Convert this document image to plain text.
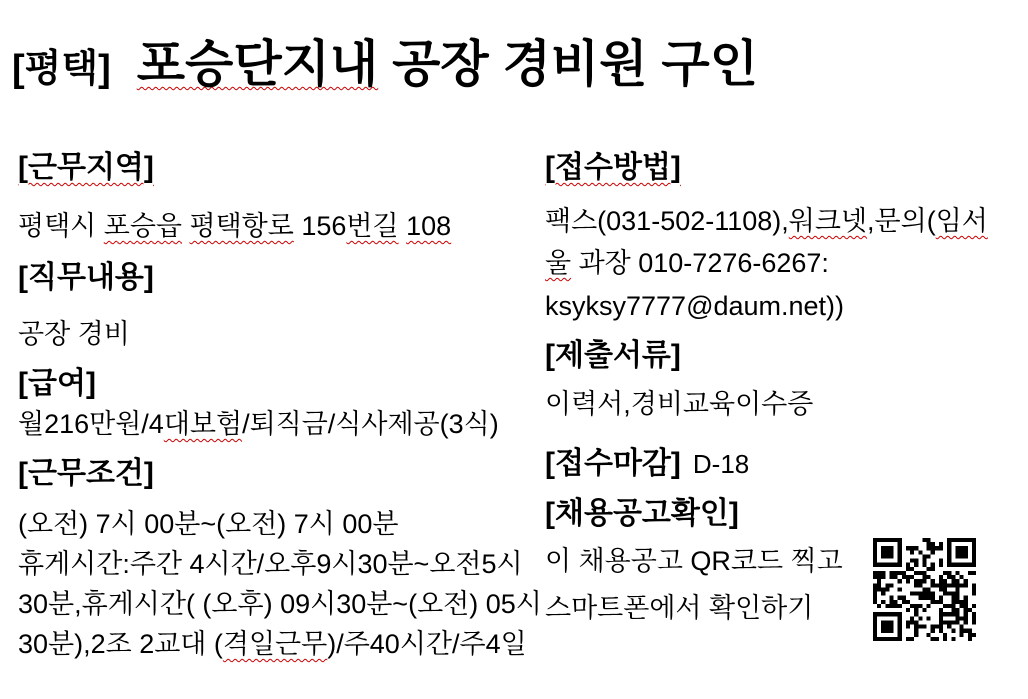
[평택] 포승단지내 공장 경비원 구인
[근무지역]
평택시 포승읍 평택항로 156번길 108
[직무내용]
공장 경비
[급여]
월216만원/4대보험/퇴직금/식사제공(3식)
[근무조건]
(오전) 7시 00분~(오전) 7시 00분
휴게시간:주간 4시간/오후9시30분~오전5시
30분,휴게시간( (오후) 09시30분~(오전) 05시
30분),2조 2교대 (격일근무)/주40시간/주4일
[접수방법]
팩스(031-502-1108),워크넷,문의(임서
울 과장 010-7276-6267:
ksyksy7777@daum.net))
[제출서류]
이력서,경비교육이수증
[접수마감] D-18
[채용공고확인]
이 채용공고 QR코드 찍고
스마트폰에서 확인하기
